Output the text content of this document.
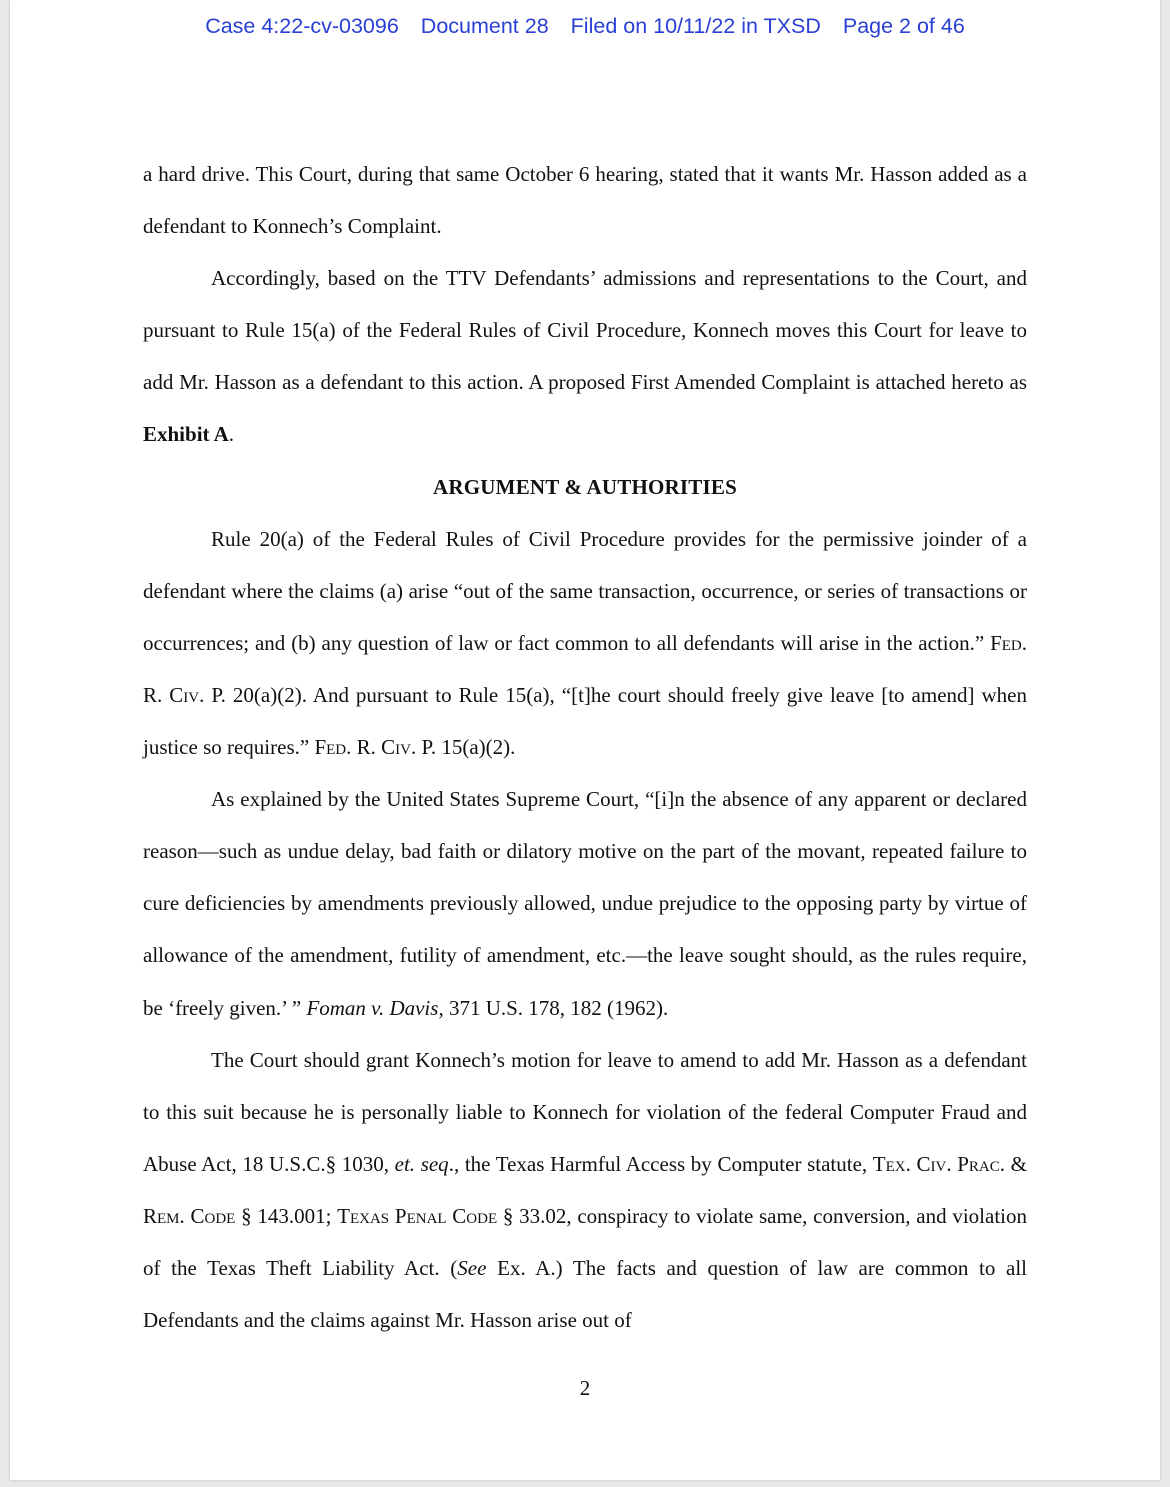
Case 4:22-cv-03096 Document 28 Filed on 10/11/22 in TXSD Page 2 of 46

a hard drive. This Court, during that same October 6 hearing, stated that it wants Mr. Hasson added as a defendant to Konnech’s Complaint.

Accordingly, based on the TTV Defendants’ admissions and representations to the Court, and pursuant to Rule 15(a) of the Federal Rules of Civil Procedure, Konnech moves this Court for leave to add Mr. Hasson as a defendant to this action. A proposed First Amended Complaint is attached hereto as Exhibit A.

ARGUMENT & AUTHORITIES

Rule 20(a) of the Federal Rules of Civil Procedure provides for the permissive joinder of a defendant where the claims (a) arise “out of the same transaction, occurrence, or series of transactions or occurrences; and (b) any question of law or fact common to all defendants will arise in the action.” Fed. R. Civ. P. 20(a)(2). And pursuant to Rule 15(a), “[t]he court should freely give leave [to amend] when justice so requires.” Fed. R. Civ. P. 15(a)(2).

As explained by the United States Supreme Court, “[i]n the absence of any apparent or declared reason—such as undue delay, bad faith or dilatory motive on the part of the movant, repeated failure to cure deficiencies by amendments previously allowed, undue prejudice to the opposing party by virtue of allowance of the amendment, futility of amendment, etc.—the leave sought should, as the rules require, be ‘freely given.’ ” Foman v. Davis, 371 U.S. 178, 182 (1962).

The Court should grant Konnech’s motion for leave to amend to add Mr. Hasson as a defendant to this suit because he is personally liable to Konnech for violation of the federal Computer Fraud and Abuse Act, 18 U.S.C.§ 1030, et. seq., the Texas Harmful Access by Computer statute, Tex. Civ. Prac. & Rem. Code § 143.001; Texas Penal Code § 33.02, conspiracy to violate same, conversion, and violation of the Texas Theft Liability Act. (See Ex. A.) The facts and question of law are common to all Defendants and the claims against Mr. Hasson arise out of

2
